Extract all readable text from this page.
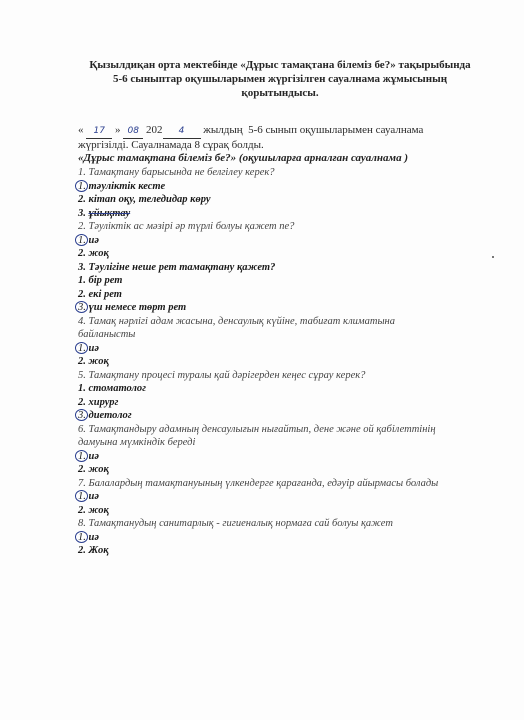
Қызылдиқан орта мектебінде «Дұрыс тамақтана білеміз бе?» тақырыбында
5-6 сыныптар оқушыларымен жүргізілген сауалнама жұмысының
қорытындысы.
« 17 » 08 202 4 жылдың  5-6 сынып оқушыларымен сауалнама
жүргізілді. Сауалнамада 8 сұрақ болды.
«Дұрыс тамақтана білеміз бе?» (оқушыларға арналған сауалнама )
1. Тамақтану барысында не белгілеу керек?
1. тәуліктік кесте
2. кітап оқу, теледидар көру
3. ұйықтау
2. Тәуліктік ас мәзірі әр түрлі болуы қажет пе?
1. иә
2. жоқ
3. Тәулігіне неше рет тамақтану қажет?
1. бір рет
2. екі рет
3. үш немесе төрт рет
4. Тамақ нәрлігі адам жасына, денсаулық күйіне, табиғат климатына
байланысты
1. иә
2. жоқ
5. Тамақтану процесі туралы қай дәрігерден кеңес сұрау керек?
1. стоматолог
2. хирург
3. диетолог
6. Тамақтандыру адамның денсаулығын нығайтып, дене және ой қабілеттінің
дамуына мүмкіндік береді
1. иә
2. жоқ
7. Балалардың тамақтануының үлкендерге қарағанда, едәуір айырмасы болады
1. иә
2. жоқ
8. Тамақтанудың санитарлық - гигиеналық нормаға сай болуы қажет
1. иә
2. Жоқ
